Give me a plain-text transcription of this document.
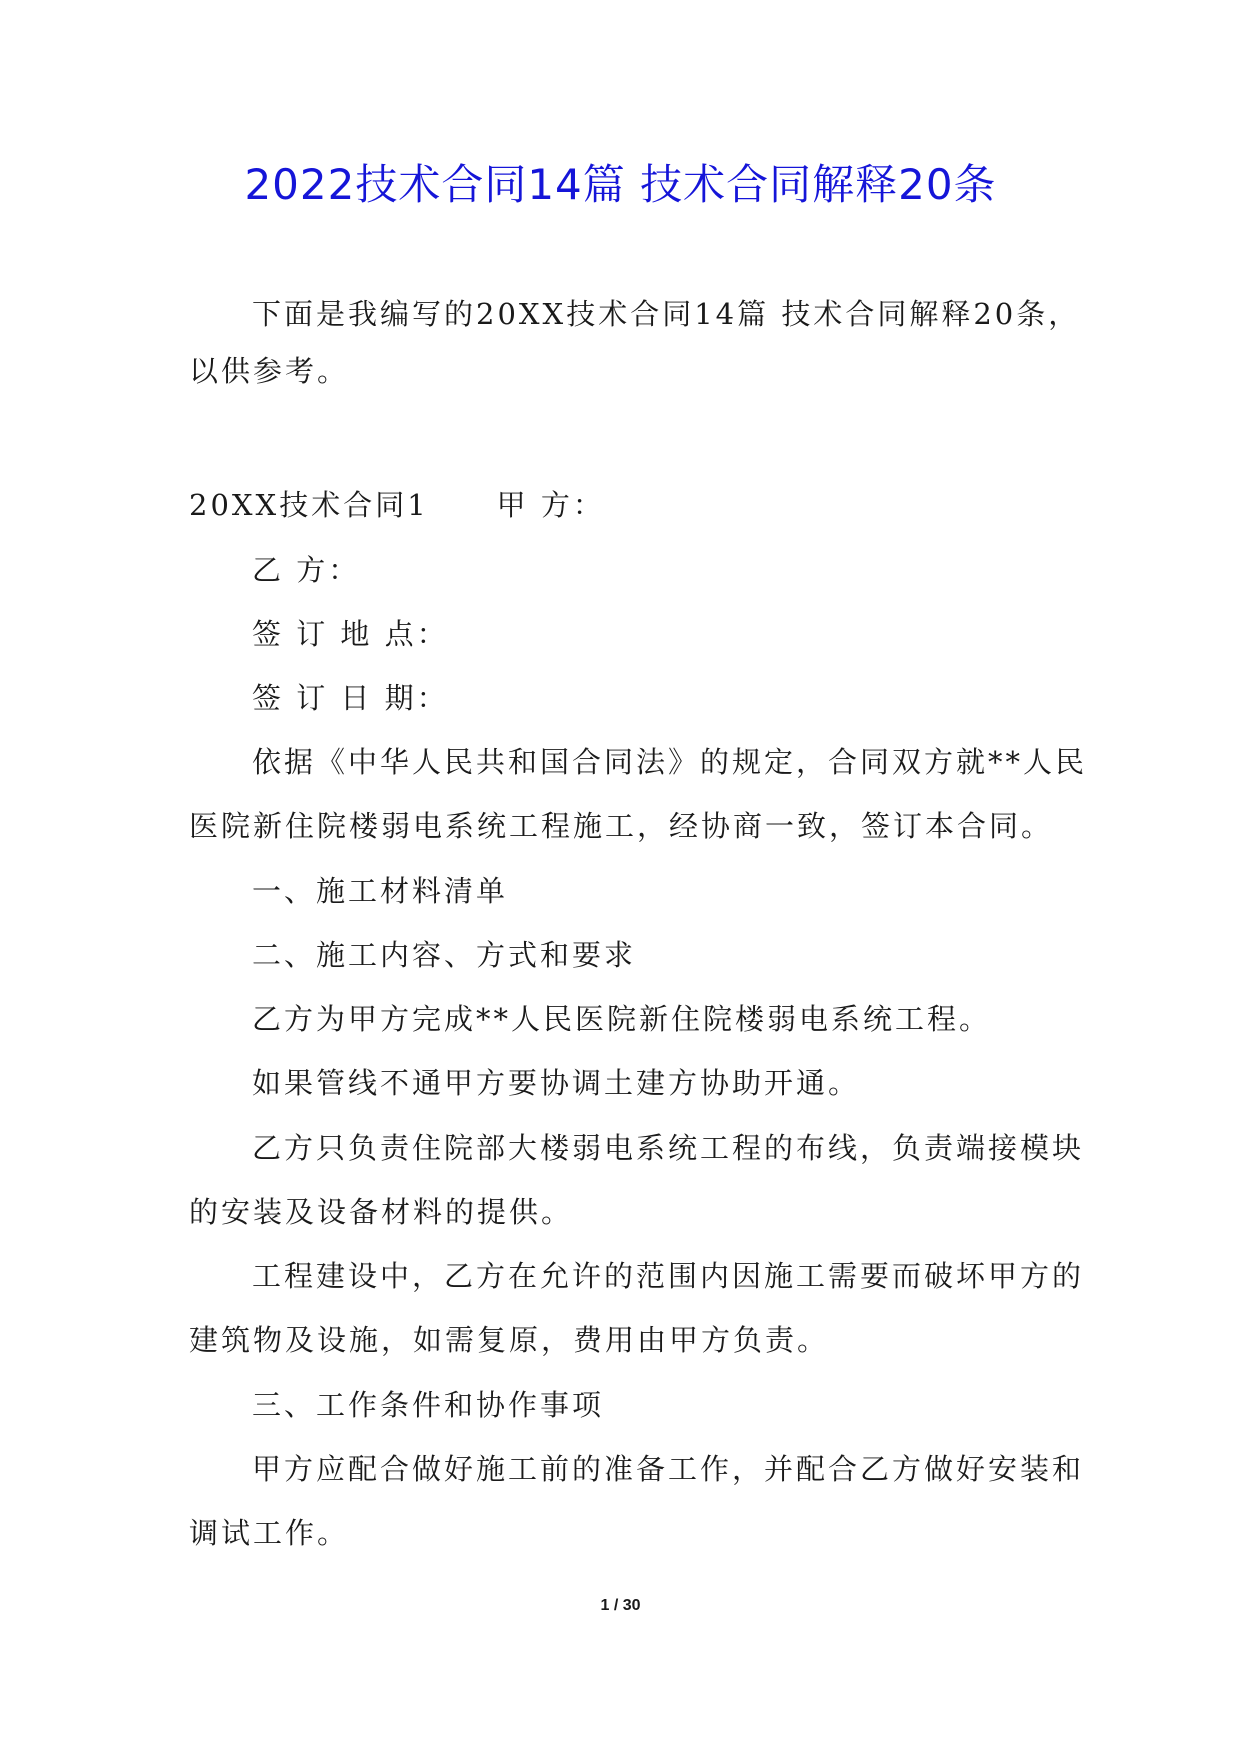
2022技术合同14篇 技术合同解释20条
下面是我编写的20XX技术合同14篇 技术合同解释20条，
以供参考。
20XX技术合同1 甲 方：
乙 方：
签 订 地 点：
签 订 日 期：
依据《中华人民共和国合同法》的规定，合同双方就**人民
医院新住院楼弱电系统工程施工，经协商一致，签订本合同。
一、施工材料清单
二、施工内容、方式和要求
乙方为甲方完成**人民医院新住院楼弱电系统工程。
如果管线不通甲方要协调土建方协助开通。
乙方只负责住院部大楼弱电系统工程的布线，负责端接模块
的安装及设备材料的提供。
工程建设中，乙方在允许的范围内因施工需要而破坏甲方的
建筑物及设施，如需复原，费用由甲方负责。
三、工作条件和协作事项
甲方应配合做好施工前的准备工作，并配合乙方做好安装和
调试工作。
1 / 30
